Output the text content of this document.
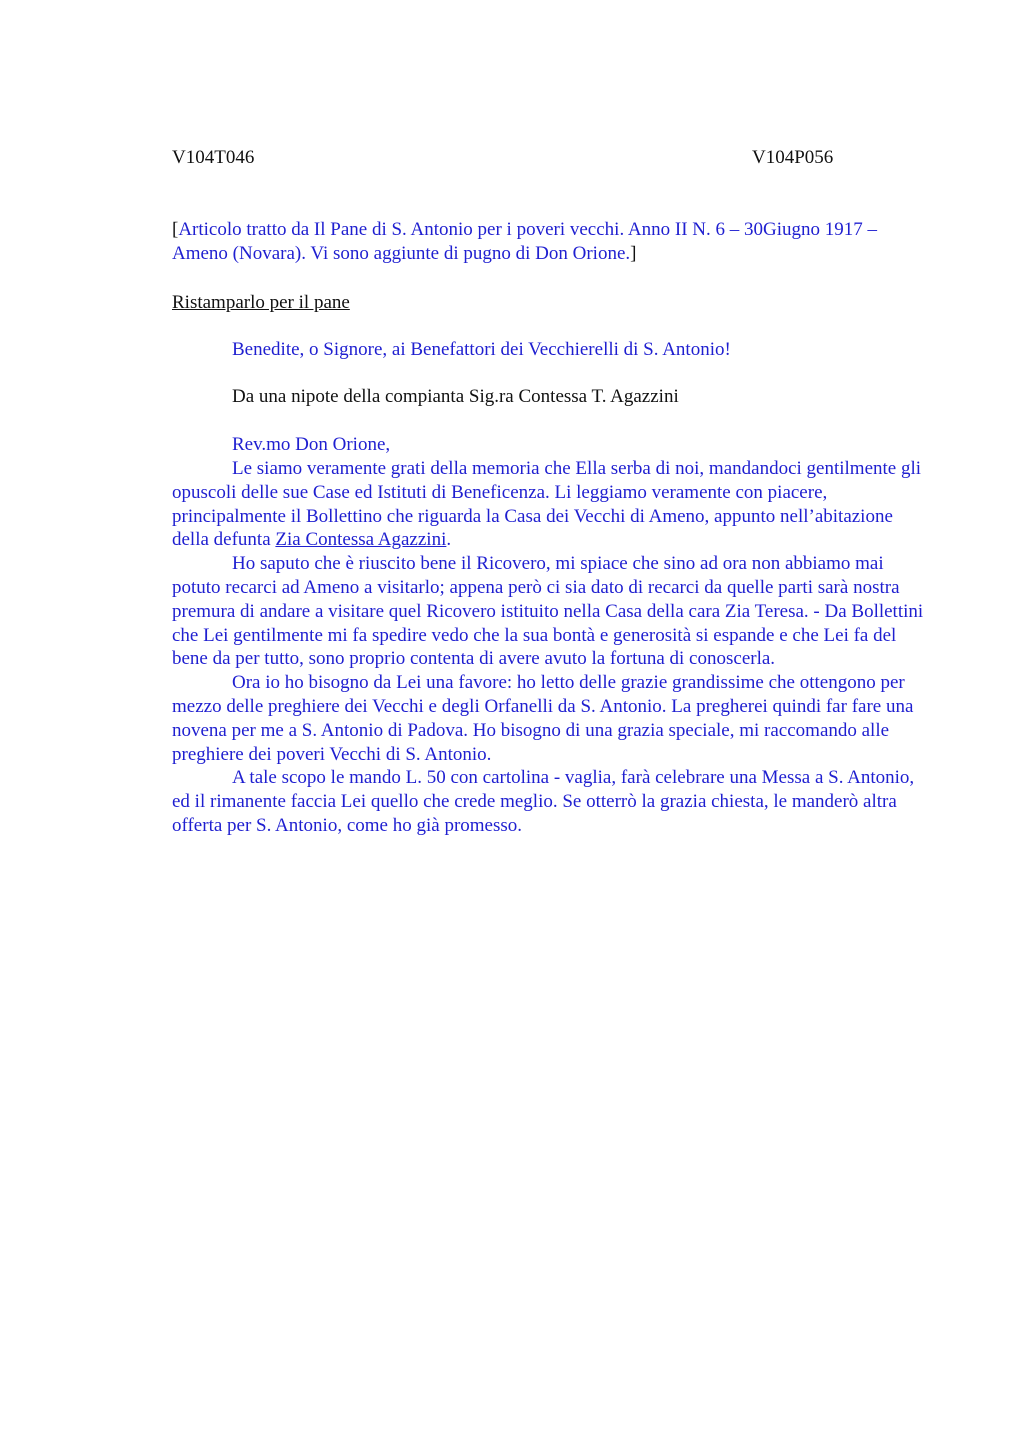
V104T046	V104P056
[Articolo tratto da Il Pane di S. Antonio per i poveri vecchi. Anno II N. 6 – 30Giugno 1917 – Ameno (Novara). Vi sono aggiunte di pugno di Don Orione.]
Ristamparlo per il pane
Benedite, o Signore, ai Benefattori dei Vecchierelli di S. Antonio!
Da una nipote della compianta Sig.ra Contessa T. Agazzini
Rev.mo Don Orione,

Le siamo veramente grati della memoria che Ella serba di noi, mandandoci gentilmente gli opuscoli delle sue Case ed Istituti di Beneficenza. Li leggiamo veramente con piacere, principalmente il Bollettino che riguarda la Casa dei Vecchi di Ameno, appunto nell’abitazione della defunta Zia Contessa Agazzini.

Ho saputo che è riuscito bene il Ricovero, mi spiace che sino ad ora non abbiamo mai potuto recarci ad Ameno a visitarlo; appena però ci sia dato di recarci da quelle parti sarà nostra premura di andare a visitare quel Ricovero istituito nella Casa della cara Zia Teresa. - Da Bollettini che Lei gentilmente mi fa spedire vedo che la sua bontà e generosità si espande e che Lei fa del bene da per tutto, sono proprio contenta di avere avuto la fortuna di conoscerla.

Ora io ho bisogno da Lei una favore: ho letto delle grazie grandissime che ottengono per mezzo delle preghiere dei Vecchi e degli Orfanelli da S. Antonio. La pregherei quindi far fare una novena per me a S. Antonio di Padova. Ho bisogno di una grazia speciale, mi raccomando alle preghiere dei poveri Vecchi di S. Antonio.

A tale scopo le mando L. 50 con cartolina - vaglia, farà celebrare una Messa a S. Antonio, ed il rimanente faccia Lei quello che crede meglio. Se otterrò la grazia chiesta, le manderò altra offerta per S. Antonio, come ho già promesso.
